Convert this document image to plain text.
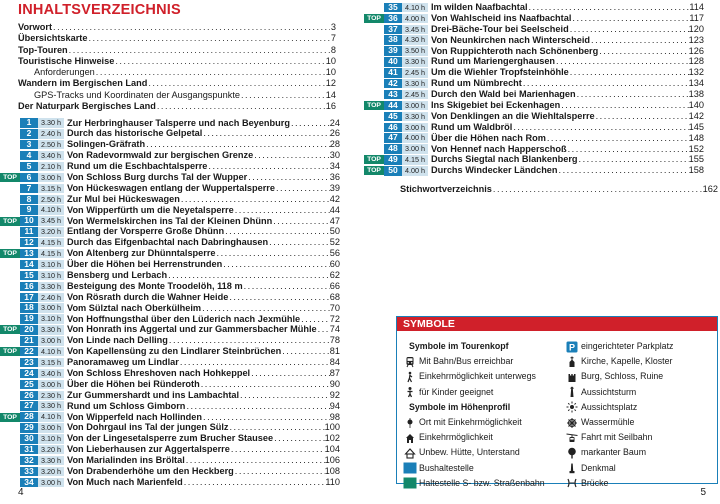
INHALTSVERZEICHNIS
Vorwort .....	3
Übersichtskarte .....	7
Top-Touren .....	8
Touristische Hinweise .....	10
Anforderungen .....	10
Wandern im Bergischen Land .....	12
GPS-Tracks und Koordinaten der Ausgangspunkte .....	14
Der Naturpark Bergisches Land .....	16
1	3.30 h Zur Herbringhauser Talsperre und nach Beyenburg .....	24
2	2.40 h Durch das historische Gelpetal .....	26
3	2.50 h Solingen-Gräfrath .....	28
4	3.40 h Von Radevormwald zur bergischen Grenze .....	30
5	2.10 h Rund um die Eschbachtalsperre .....	34
TOP	6	3.00 h Von Schloss Burg durchs Tal der Wupper .....	36
7	3.15 h Von Hückeswagen entlang der Wuppertalsperre .....	39
8	2.50 h Zur Mul bei Hückeswagen .....	42
9	4.10 h Von Wipperfürth um die Neyetalsperre .....	44
TOP 10	3.45 h Von Wermelskirchen ins Tal der Kleinen Dhünn .....	47
11	3.20 h Entlang der Vorsperre Große Dhünn .....	50
12	4.15 h Durch das Eifgenbachtal nach Dabringhausen .....	52
TOP 13	4.15 h Von Altenberg zur Dhünntalsperre .....	56
14	3.10 h Über die Höhen bei Herrenstrunden .....	60
15	3.10 h Bensberg und Lerbach .....	62
16	3.30 h Besteigung des Monte Troodelöh, 118 m .....	66
17	2.40 h Von Rösrath durch die Wahner Heide .....	68
18	3.00 h Vom Sülztal nach Oberkülheim .....	70
19	3.10 h Von Hoffnungsthal über den Lüderich nach Jexmühle .....	72
TOP 20	3.30 h Von Honrath ins Aggertal und zur Gammersbacher Mühle ..... 74
21	3.00 h Von Linde nach Delling .....	78
TOP 22	4.10 h Von Kapellensüng zu den Lindlarer Steinbrüchen .....	81
23	3.15 h Panoramaweg um Lindlar .....	84
24	3.40 h Von Schloss Ehreshoven nach Hohkeppel .....	87
25	3.00 h Über die Höhen bei Ründeroth .....	90
26	2.30 h Zur Gummershardt und ins Lambachtal .....	92
27	3.30 h Rund um Schloss Gimborn .....	94
TOP 28	4.10 h Von Wipperfeld nach Hollinden .....	98
29	3.00 h Von Dohrgaul ins Tal der jungen Sülz .....	100
30	3.10 h Von der Lingesetalsperre zum Brucher Stausee .....	102
31	3.20 h Von Lieberhausen zur Aggertalsperre .....	104
32	3.30 h Von Marialinden ins Bröltal .....	106
33	3.20 h Von Drabenderhöhe um den Heckberg .....	108
34	3.00 h Von Much nach Marienfeld .....	110
4
35	4.10 h Im wilden Naafbachtal .....	114
TOP 36	4.00 h Von Wahlscheid ins Naafbachtal .....	117
37	3.45 h Drei-Bäche-Tour bei Seelscheid .....	120
38	4.30 h Von Neunkirchen nach Winterscheid .....	123
39	3.50 h Von Ruppichteroth nach Schönenberg .....	126
40	3.30 h Rund um Mariengerghausen .....	128
41	2.45 h Um die Wiehler Tropfsteinhöhle .....	132
42	3.30 h Rund um Nümbrecht .....	134
43	2.45 h Durch den Wald bei Marienhagen .....	138
TOP 44	3.00 h Ins Skigebiet bei Eckenhagen .....	140
45	3.30 h Von Denklingen an die Wiehltalsperre .....	142
46	3.00 h Rund um Waldbröl .....	145
47	4.00 h Über die Höhen nach Rom .....	148
48	3.00 h Von Hennef nach Happerschoß .....	152
TOP 49	4.15 h Durchs Siegtal nach Blankenberg .....	155
TOP 50	4.00 h Durchs Windecker Ländchen .....	158
Stichwortverzeichnis .....	162
5
SYMBOLE
Symbole im Tourenkopf
Mit Bahn/Bus erreichbar
Einkehrmöglichkeit unterwegs
für Kinder geeignet
Symbole im Höhenprofil
Ort mit Einkehrmöglichkeit
Einkehrmöglichkeit
Unbew. Hütte, Unterstand
Bushaltestelle
Haltestelle S- bzw. Straßenbahn
P eingerichteter Parkplatz
Kirche, Kapelle, Kloster
Burg, Schloss, Ruine
Aussichtsturm
Aussichtsplatz
Wassermühle
Fahrt mit Seilbahn
markanter Baum
Denkmal
Brücke
